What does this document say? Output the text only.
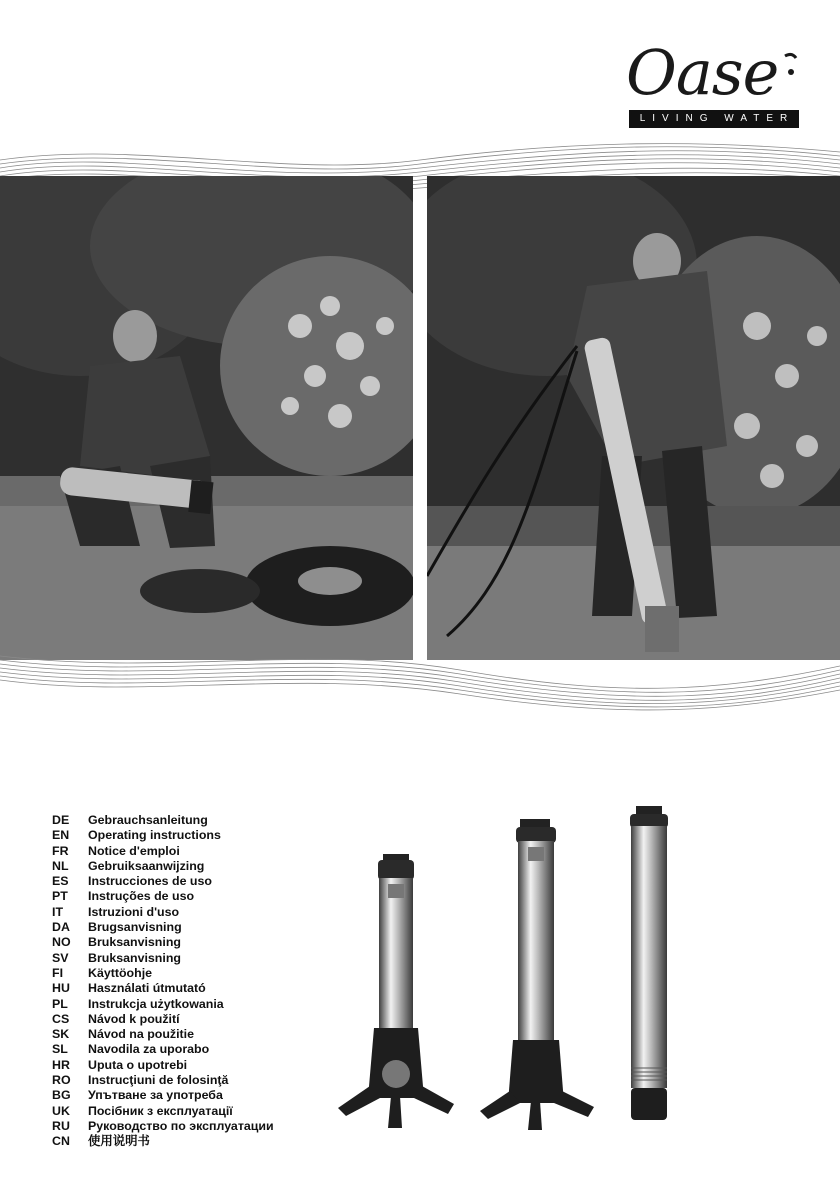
Oase
LIVING WATER
DE Gebrauchsanleitung
EN Operating instructions
FR Notice d'emploi
NL Gebruiksaanwijzing
ES Instrucciones de uso
PT Instruções de uso
IT Istruzioni d'uso
DA Brugsanvisning
NO Bruksanvisning
SV Bruksanvisning
FI Käyttöohje
HU Használati útmutató
PL Instrukcja użytkowania
CS Návod k použití
SK Návod na použitie
SL Navodila za uporabo
HR Uputa o upotrebi
RO Instrucţiuni de folosinţă
BG Упътване за употреба
UK Посібник з експлуатації
RU Руководство по эксплуатации
CN 使用说明书
